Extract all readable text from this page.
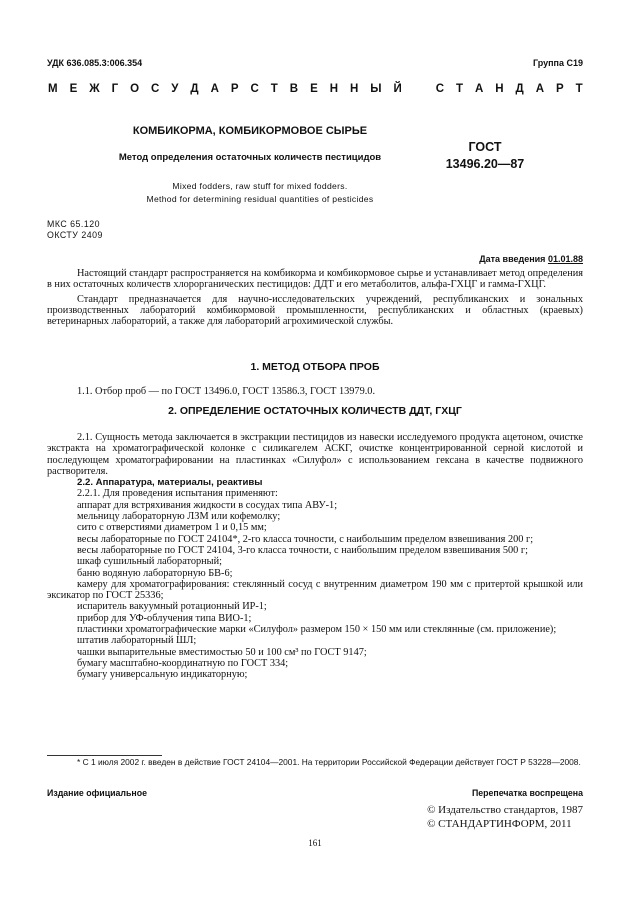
УДК 636.085.3:006.354	Группа С19
М Е Ж Г О С У Д А Р С Т В Е Н Н Ы Й	С Т А Н Д А Р Т
КОМБИКОРМА, КОМБИКОРМОВОЕ СЫРЬЕ
Метод определения остаточных количеств пестицидов
ГОСТ
13496.20—87
Mixed fodders, raw stuff for mixed fodders.
Method for determining residual quantities of pesticides
МКС 65.120
ОКСТУ 2409
Дата введения 01.01.88

Настоящий стандарт распространяется на комбикорма и комбикормовое сырье и устанавливает метод определения в них остаточных количеств хлорорганических пестицидов: ДДТ и его метаболитов, альфа-ГХЦГ и гамма-ГХЦГ.

Стандарт предназначается для научно-исследовательских учреждений, республиканских и зональных производственных лабораторий комбикормовой промышленности, республиканских и областных (краевых) ветеринарных лабораторий, а также для лабораторий агрохимической службы.

1. МЕТОД ОТБОРА ПРОБ

1.1. Отбор проб — по ГОСТ 13496.0, ГОСТ 13586.3, ГОСТ 13979.0.

2. ОПРЕДЕЛЕНИЕ ОСТАТОЧНЫХ КОЛИЧЕСТВ ДДТ, ГХЦГ

2.1. Сущность метода заключается в экстракции пестицидов из навески исследуемого продукта ацетоном, очистке экстракта на хроматографической колонке с силикагелем АСКГ, очистке концентрированной серной кислотой и последующем хроматографировании на пластинках «Силуфол» с использованием гексана в качестве подвижного растворителя.

2.2. Аппаратура, материалы, реактивы

2.2.1. Для проведения испытания применяют:

аппарат для встряхивания жидкости в сосудах типа АВУ-1;

мельницу лабораторную ЛЗМ или кофемолку;

сито с отверстиями диаметром 1 и 0,15 мм;

весы лабораторные по ГОСТ 24104*, 2-го класса точности, с наибольшим пределом взвешивания 200 г;

весы лабораторные по ГОСТ 24104, 3-го класса точности, с наибольшим пределом взвешивания 500 г;

шкаф сушильный лабораторный;

баню водяную лабораторную БВ-6;

камеру для хроматографирования: стеклянный сосуд с внутренним диаметром 190 мм с притертой крышкой или эксикатор по ГОСТ 25336;

испаритель вакуумный ротационный ИР-1;

прибор для УФ-облучения типа ВИО-1;

пластинки хроматографические марки «Силуфол» размером 150 × 150 мм или стеклянные (см. приложение);

штатив лабораторный ШЛ;

чашки выпарительные вместимостью 50 и 100 см³ по ГОСТ 9147;

бумагу масштабно-координатную по ГОСТ 334;

бумагу универсальную индикаторную;

* С 1 июля 2002 г. введен в действие ГОСТ 24104—2001. На территории Российской Федерации действует ГОСТ Р 53228—2008.

Издание официальное	Перепечатка воспрещена
© Издательство стандартов, 1987
© СТАНДАРТИНФОРМ, 2011
161
